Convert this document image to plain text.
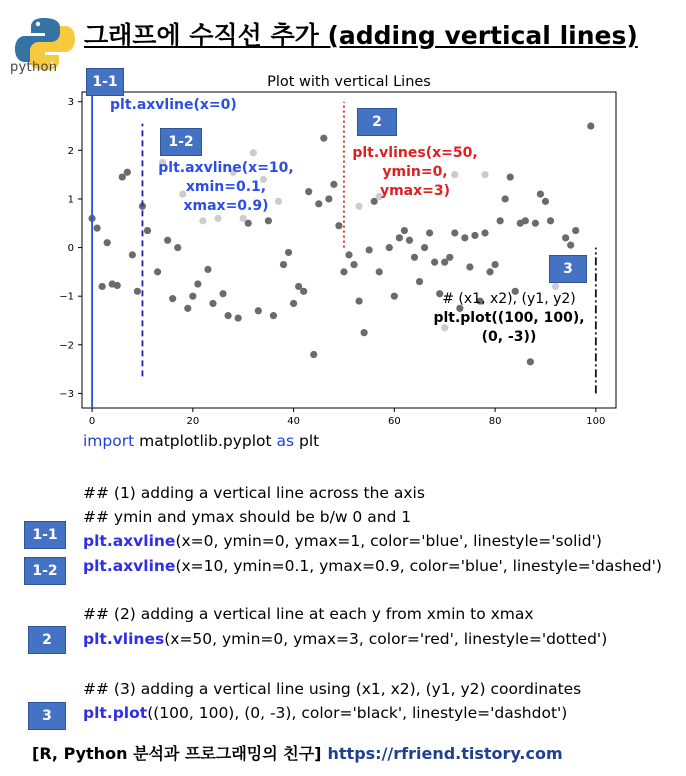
python
그래프에 수직선 추가 (adding vertical lines)
Plot with vertical Lines
0	20	40	60	80	100
−3
−2
−1
0
1
2
3	plt.axvline(x=0)
plt.axvline(x=10,
xmin=0.1,
xmax=0.9)
plt.vlines(x=50,
ymin=0,
ymax=3)
# (x1, x2), (y1, y2)
plt.plot((100, 100),
(0, -3))
1-1
1-2
2
3
import matplotlib.pyplot as plt
## (1) adding a vertical line across the axis
## ymin and ymax should be b/w 0 and 1
1-1	plt.axvline(x=0, ymin=0, ymax=1, color='blue', linestyle='solid')
1-2	plt.axvline(x=10, ymin=0.1, ymax=0.9, color='blue', linestyle='dashed')
## (2) adding a vertical line at each y from xmin to xmax
2	plt.vlines(x=50, ymin=0, ymax=3, color='red', linestyle='dotted')
## (3) adding a vertical line using (x1, x2), (y1, y2) coordinates
3	plt.plot((100, 100), (0, -3), color='black', linestyle='dashdot')
[R, Python 분석과 프로그래밍의 친구] https://rfriend.tistory.com
